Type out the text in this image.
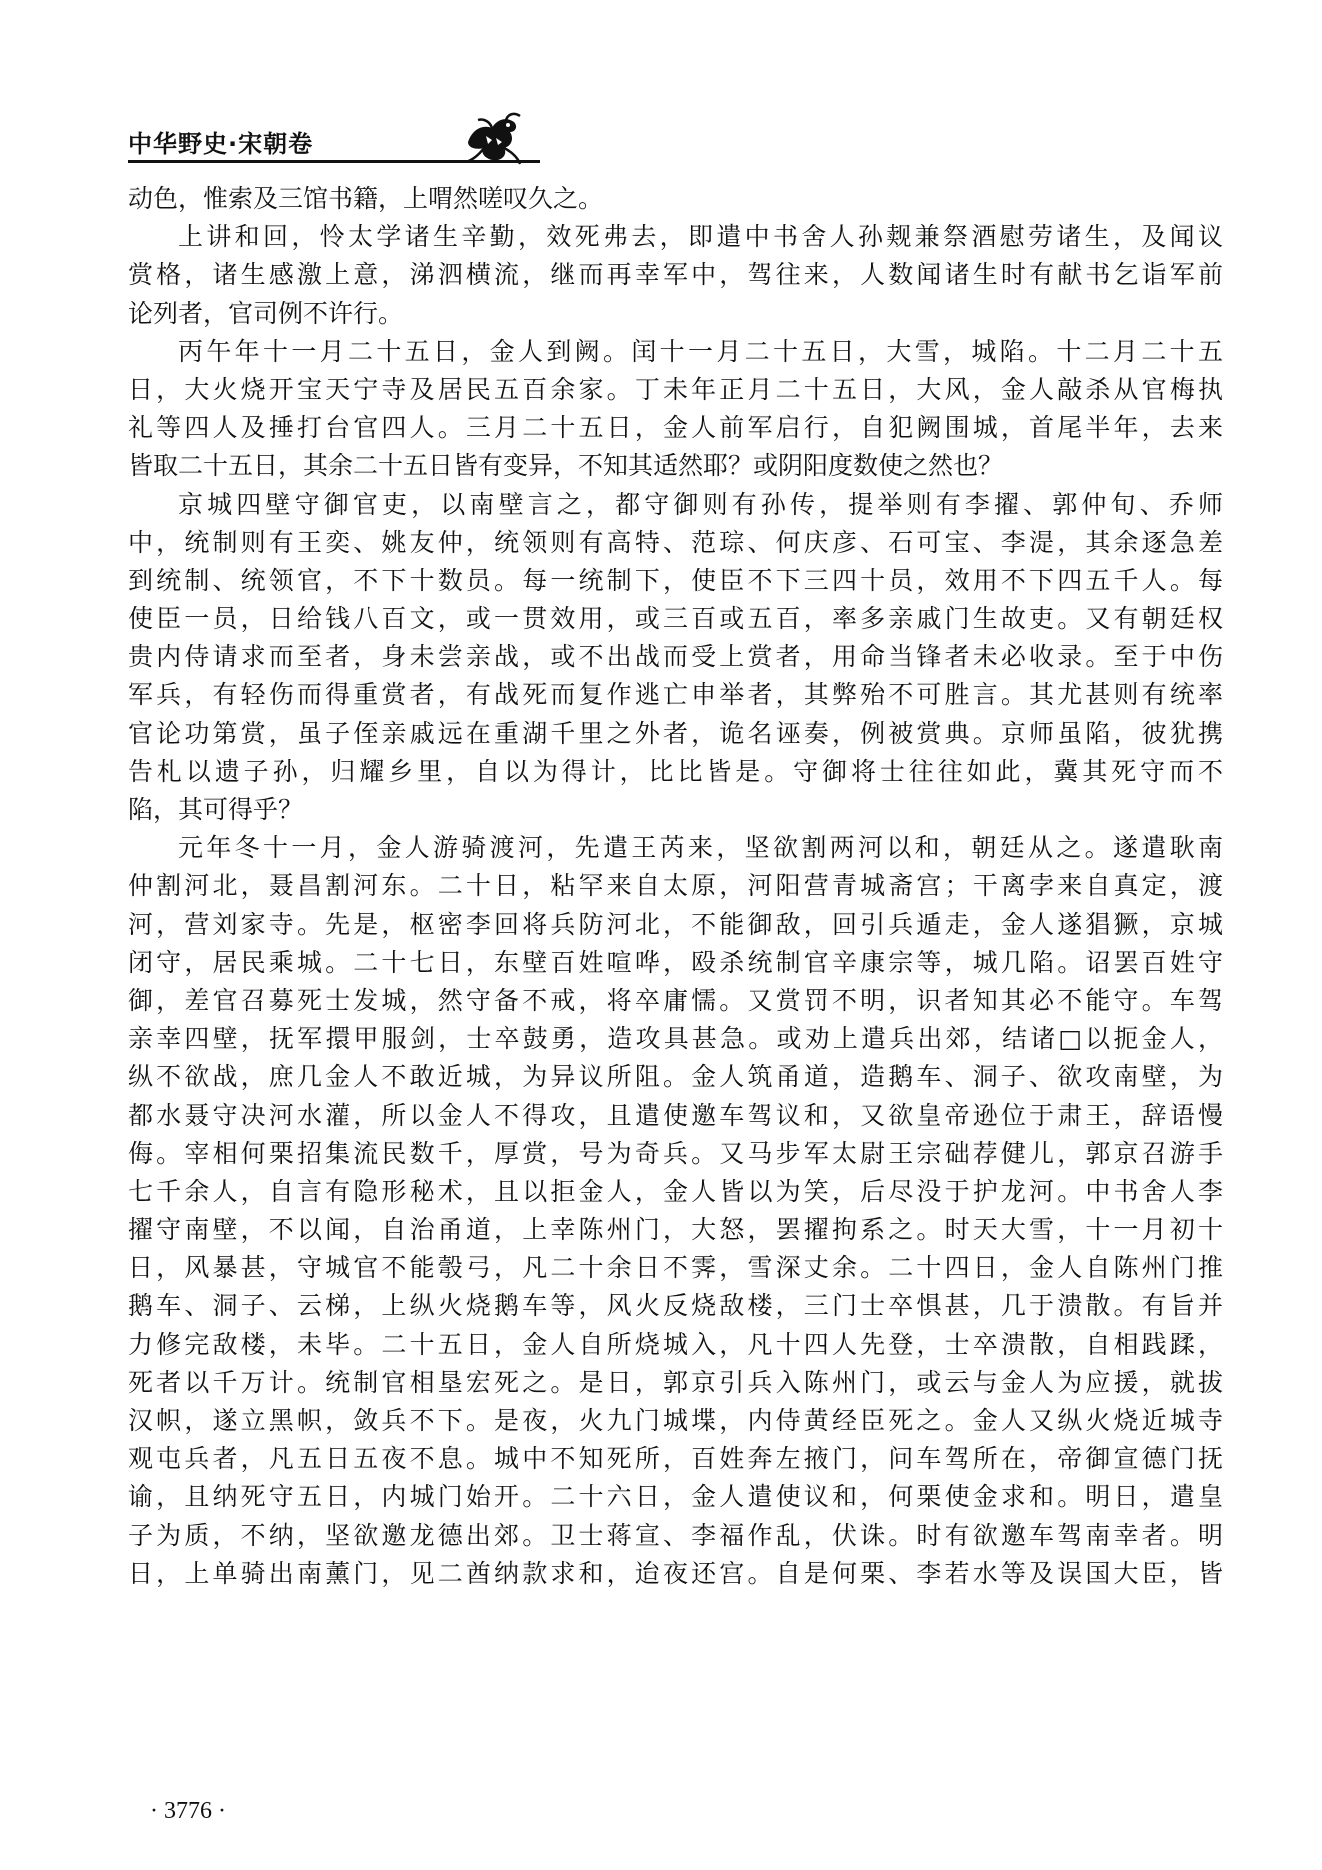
中华野史·宋朝卷
动色，惟索及三馆书籍，上喟然嗟叹久之。
上讲和回，怜太学诸生辛勤，效死弗去，即遣中书舍人孙觌兼祭酒慰劳诸生，及闻议
赏格，诸生感激上意，涕泗横流，继而再幸军中，驾往来，人数闻诸生时有献书乞诣军前
论列者，官司例不许行。
丙午年十一月二十五日，金人到阙。闰十一月二十五日，大雪，城陷。十二月二十五
日，大火烧开宝天宁寺及居民五百余家。丁未年正月二十五日，大风，金人敲杀从官梅执
礼等四人及捶打台官四人。三月二十五日，金人前军启行，自犯阙围城，首尾半年，去来
皆取二十五日，其余二十五日皆有变异，不知其适然耶？或阴阳度数使之然也？
京城四壁守御官吏，以南壁言之，都守御则有孙传，提举则有李擢、郭仲旬、乔师
中，统制则有王奕、姚友仲，统领则有高特、范琮、何庆彦、石可宝、李湜，其余逐急差
到统制、统领官，不下十数员。每一统制下，使臣不下三四十员，效用不下四五千人。每
使臣一员，日给钱八百文，或一贯效用，或三百或五百，率多亲戚门生故吏。又有朝廷权
贵内侍请求而至者，身未尝亲战，或不出战而受上赏者，用命当锋者未必收录。至于中伤
军兵，有轻伤而得重赏者，有战死而复作逃亡申举者，其弊殆不可胜言。其尤甚则有统率
官论功第赏，虽子侄亲戚远在重湖千里之外者，诡名诬奏，例被赏典。京师虽陷，彼犹携
告札以遗子孙，归耀乡里，自以为得计，比比皆是。守御将士往往如此，冀其死守而不
陷，其可得乎？
元年冬十一月，金人游骑渡河，先遣王芮来，坚欲割两河以和，朝廷从之。遂遣耿南
仲割河北，聂昌割河东。二十日，粘罕来自太原，河阳营青城斋宫；干离孛来自真定，渡
河，营刘家寺。先是，枢密李回将兵防河北，不能御敌，回引兵遁走，金人遂猖獗，京城
闭守，居民乘城。二十七日，东壁百姓喧哗，殴杀统制官辛康宗等，城几陷。诏罢百姓守
御，差官召募死士发城，然守备不戒，将卒庸懦。又赏罚不明，识者知其必不能守。车驾
亲幸四壁，抚军擐甲服剑，士卒鼓勇，造攻具甚急。或劝上遣兵出郊，结诸□以扼金人，
纵不欲战，庶几金人不敢近城，为异议所阻。金人筑甬道，造鹅车、洞子、欲攻南壁，为
都水聂守决河水灌，所以金人不得攻，且遣使邀车驾议和，又欲皇帝逊位于肃王，辞语慢
侮。宰相何栗招集流民数千，厚赏，号为奇兵。又马步军太尉王宗础荐健儿，郭京召游手
七千余人，自言有隐形秘术，且以拒金人，金人皆以为笑，后尽没于护龙河。中书舍人李
擢守南壁，不以闻，自治甬道，上幸陈州门，大怒，罢擢拘系之。时天大雪，十一月初十
日，风暴甚，守城官不能彀弓，凡二十余日不霁，雪深丈余。二十四日，金人自陈州门推
鹅车、洞子、云梯，上纵火烧鹅车等，风火反烧敌楼，三门士卒惧甚，几于溃散。有旨并
力修完敌楼，未毕。二十五日，金人自所烧城入，凡十四人先登，士卒溃散，自相践蹂，
死者以千万计。统制官相垦宏死之。是日，郭京引兵入陈州门，或云与金人为应援，就拔
汉帜，遂立黑帜，敛兵不下。是夜，火九门城堞，内侍黄经臣死之。金人又纵火烧近城寺
观屯兵者，凡五日五夜不息。城中不知死所，百姓奔左掖门，问车驾所在，帝御宣德门抚
谕，且纳死守五日，内城门始开。二十六日，金人遣使议和，何栗使金求和。明日，遣皇
子为质，不纳，坚欲邀龙德出郊。卫士蒋宣、李福作乱，伏诛。时有欲邀车驾南幸者。明
日，上单骑出南薰门，见二酋纳款求和，迨夜还宫。自是何栗、李若水等及误国大臣，皆
· 3776 ·
